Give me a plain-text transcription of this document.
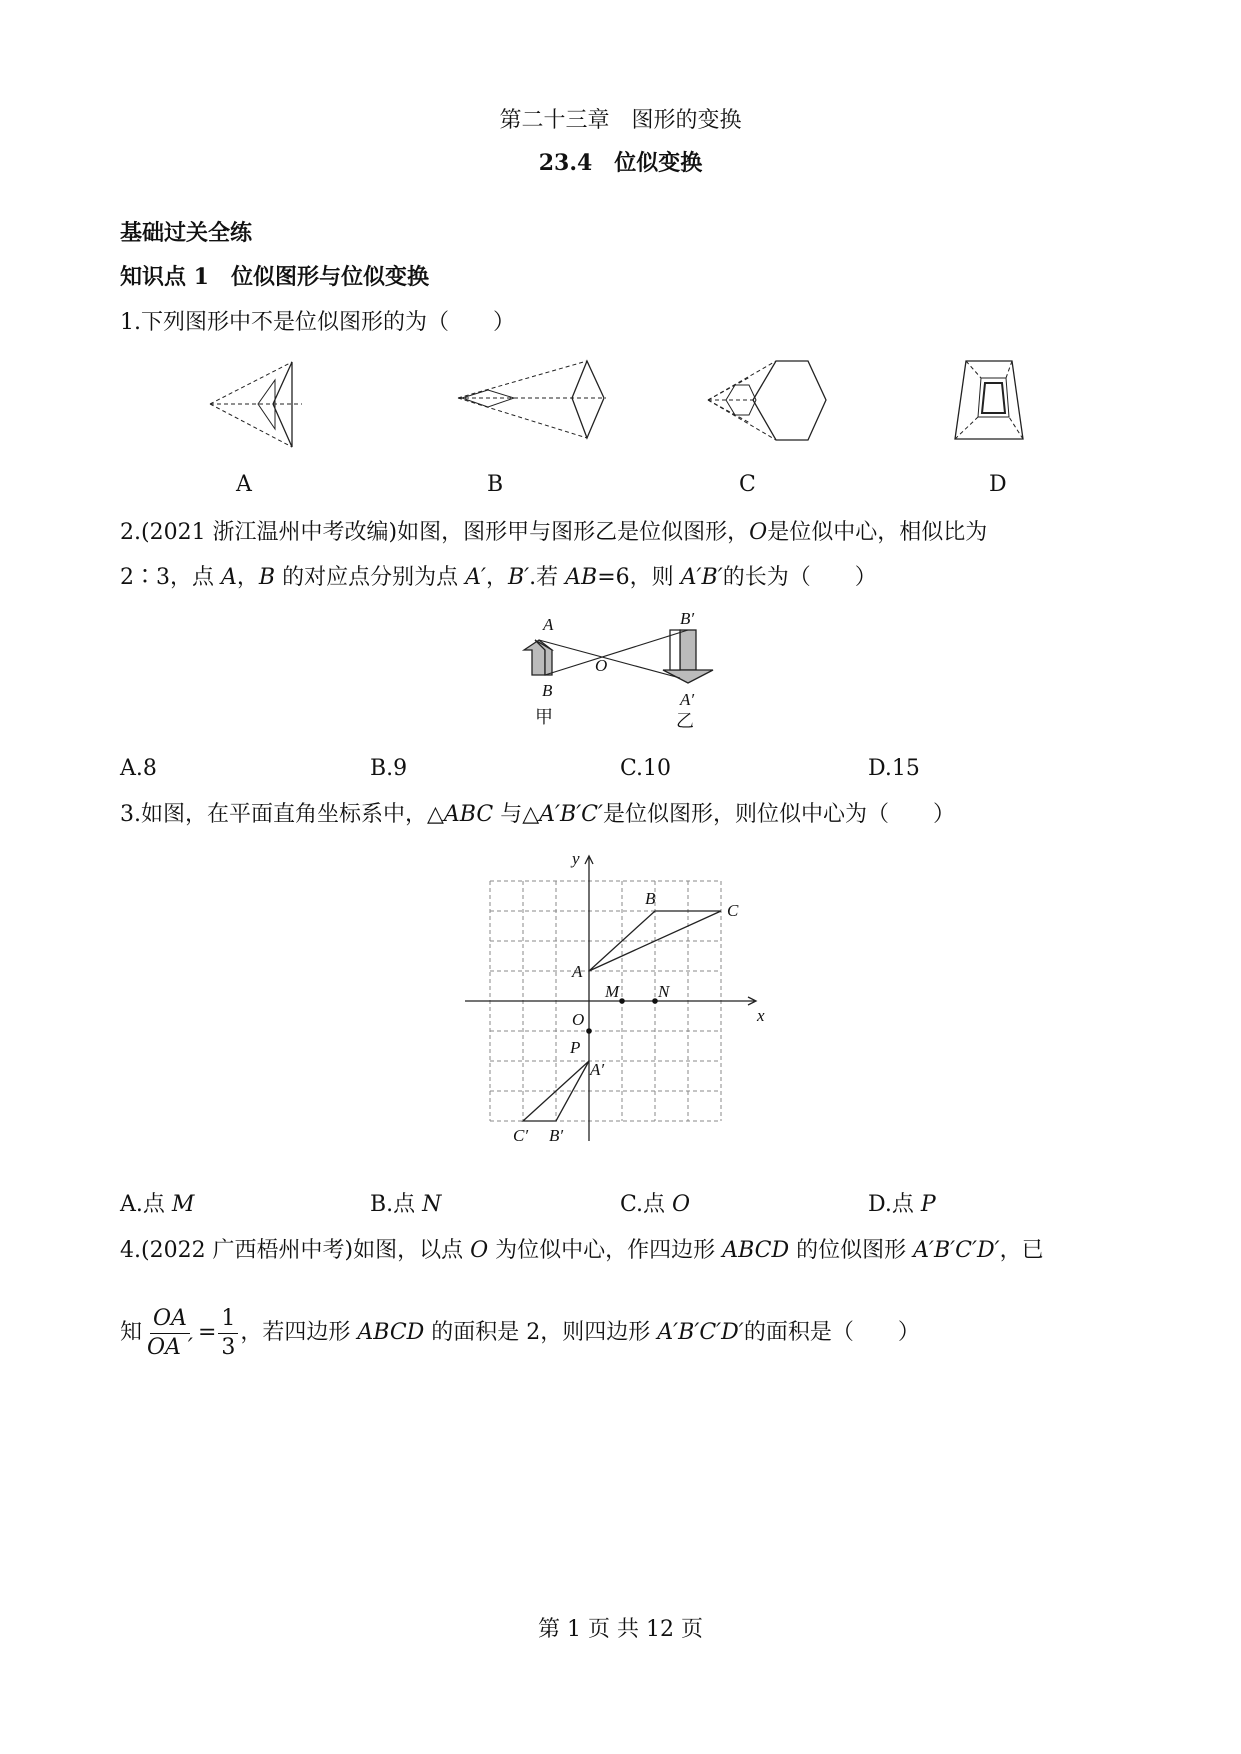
第二十三章　图形的变换
23.4　位似变换
基础过关全练
知识点 1　位似图形与位似变换
1.下列图形中不是位似图形的为（　　）
A	B	C	D
2.(2021 浙江温州中考改编)如图，图形甲与图形乙是位似图形，O是位似中心，相似比为
2∶3，点 A，B 的对应点分别为点 A′，B′.若 AB=6，则 A′B′的长为（　　）
A
B
O
B′
A′
甲	乙
A.8	B.9	C.10	D.15
3.如图，在平面直角坐标系中，△ABC 与△A′B′C′是位似图形，则位似中心为（　　）
y
x
O
A
B
C
M N
P
A′
B′
C′
A.点 M	B.点 N	C.点 O	D.点 P
4.(2022 广西梧州中考)如图，以点 O 为位似中心，作四边形 ABCD 的位似图形 A′B′C′D′，已
知 $\frac{OA}{OA '} = \frac{1}{3}$ ，若四边形 ABCD 的面积是 2，则四边形 A′B′C′D′的面积是（　　）
第 1 页 共 12 页
